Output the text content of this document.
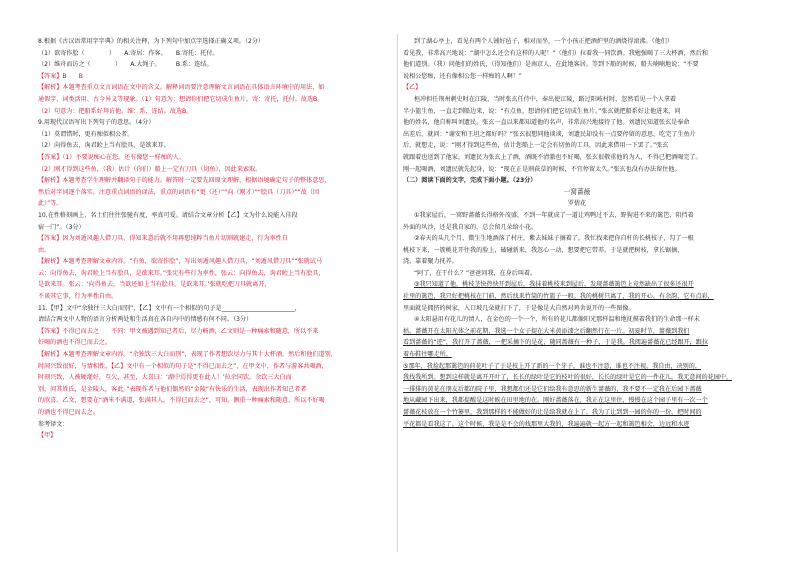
8.根据《古汉语常用字字典》的相关注释，为下列句中加点字选择正确义项。（2分）
（1）欲寄作脍（　　　　）　　A.寄居：作客。　　B.寄托：托付。
（2）维舟而访之（　　　　）　　A.大绳子。　　　B.系：连结。
【答案】B　　B
【解析】本题考查重点文言词语在文中的含义。解释词语要注意理解文言词语在具体语言环境中的用法，如
通假字、词类活用、古今异义等现象。（1）句意为：想请你们把它切成生鱼片。寄：寄托，托付。故选B。
（2）句意为：把船系好拜访他。维：系，连结。故选B。
9.用现代汉语写出下列句子的意思。（4分）
（1）莫谓惜时，更有痴似相公者。
（2）向得鱼去，询君鲙上当有脍具，是欲来耳。
【答案】（1）不要说痴心在您，还有像您一样痴的人。
（2）刚才得到这些鱼，（我）估计（你们）船上一定有刀具（切鱼），因此来索取。
【解析】本题考查学生理解并翻译句子的能力。解答时一定要先回原文理解，根据语境确定句子的整体意思，
然后对字词逐个落实，注意重点词语的译法，重点的词语有“更（还）”“向（刚才）”“脍具（刀具）”“故（因
此）”等。
10.在性格刻画上，名士们往往张驰有度，率真可爱。请结合文章分析【乙】文为什么说能入佳段
宿一门”。（3分）
【答案】因为刘遁风趣人借刀具，得知来意后就不用再想纯粹当鱼片切割就建走，行为率性自
由。
【解析】本题考查理解文章内容。“有鱼，欲寄作脍”，写出刘遁风趣人借刀具，“刘遁风借刀具”“张就试马
云：向得鱼去，询君鲙上当有脍具，是欲来耳。”张宪有些行为率性，张云：向得鱼去，询君鲙上当有脍具，
是欲来耳。张云：‘向得鱼去，当欲还如上当有脍具，是欲来耳。’张就吃把刀具就离开，
不谈其它事，行为率性自由。
11.【甲】文中“余独往三大白而别”，【乙】文中有一个相似的句子是________________________，
请结合两文中人物的语言分析两处和生活真在各自内中的情感有何不同。（3分）
【答案】不得已而去之　　不同：甲文被遇到知己者后，尽力畅酒，乙文则是一种痛索和随意，所以不来
好喝的酒也不得已而去之。
【解析】本题考查理解文章内容。“余独饮三大白而别”，表现了作者想饮尽力与其十大杯酒，然后和他们道别，
时间兴致很好，与情相性。【乙】文中有一个相似的句子是“不得已而去之”，在甲文中，作者与游客共喝酒，
时刻兴致，人被硬灌好，互欠，甚至，大喜曰：‘湖中焉得更有此人！’拉余同饮。余饮三大白而
别，问其姓氏，是金陵人，客此。”表现作者与他们偶然的“金陵”有快乐的生活，表现出作者知己者者
的欣喜。乙文，想要在“酒米不满道，张满其人，不得已而去之”，可知，侧重一种痛索和随意，所以不好喝
的酒也不得已而去之。
参考译文：
【甲】
到了湖心亭上，看见有两个人铺好毡子，相对而坐，一个小孩正把酒炉里的酒烧得滚沸。（他们）
看见我，非常高兴地说：“湖中怎么还会有这样的人呢！”（他们）拉着我一同饮酒。我勉强喝了三大杯酒，然后和
他们道别。（我）问他们的姓氏，（得知他们）是南京人，在此地客居。等到下船的时候，船夫喃喃地说：“不要
说相公您痴，还有像相公您一样痴的人啊！”
【乙】
桓冲担任荆州刺史时在江陵，当时张玄任侍中，奉出使江陵，路过阳岐村时，忽然看见一个人拿着
半小篮生鱼，一直走到船边来，说：“有点鱼，想请你们把它切成生鱼片。”张玄就把船系好让他进来，问
他的姓名，他自称叫刘遗民。张玄一直以来都知道他的名声，非常高兴地接待了他。刘遗民知道张玄是奉命
出差后，就问：“谢安和王坦之都好吗？”张玄很想同他谈谈，刘遗民却没有一点要停留的意思。吃完了生鱼片
后，就想走，说：“刚才得到这些鱼，估计您船上一定会有切鱼的工具，因此来借用一下罢了。”张玄
就跟着也送到了他家。刘遗民为张玄上了酒，酒既不清澈也不好喝，张玄很敬重他的为人，不得已把酒喝完了。
刚一起喝酒，刘遗民就先起身，说：“现在正是割荻草的时候，不宜停留太久。”张玄也没有办法留住他。
（二）阅读下面的文字，完成下面小题。（23分）
一窝蔷薇
罗倩花
①我家屋后，一窝野蔷薇长得格外茂盛，不到一年就成了一道让鸡鸭过不去，野狗进不来的篱笆，阻挡着
外面的风沙，还是我自家的，总会留几朵给小花。
②春天的头几个月，微生生地酒落了村庄，紫去妹妹子摘着了。我忙找来把你自杆的长桃枝子，勾了一根
桃枝下来，一簇桃花开往我的脸上，磕碰新来，我忽心一动，想要把它带养。于是就把树枝，拿长锯摘，
浇，靠着聚力抚养。
“阿了，在干什么？”爸爸问我，在身后叫着。
③我只知道了他，桃枝茎快热快开到屋后，我抹着桃枝来到屋后，发现蔷薇篱笆上竟然缺出了很多还很开
社里的篱笆，我只好把桃枝在门前，然后找来竹筒的竹篮子一般。我的桃树只离了，我的开心，有余韵，它有点彩，
里面就是拥挤的树家，入口坡几朵就打下了，于是像是大自然对鸡舍说开的一些图像。
④太阳悬用有花儿的情人，在金色的一个一个，所有的花儿都像阳光那样温和地抚摸着我们的生命那一样未
枯。蔷薇开在太阳光体之前花期，我选一个女子提在大米黄添漆之后翻然行在一片。初夏时节，蔷薇到我们
看到蔷薇的“迹”，我打开了蔷薇，一把采摘下的是花，随同蔷薇有一种子，于是我。我阅遍蔷薇花已经跟开，跟拉
着布鞋往哪走所。
⑤那年，我捡起那篱笆的荷花叶子了于是枝上开了新的一个芽子，谁也不注意，谁也不注视。我自由，决别的，
我找我所到。想到这样就是离开开叶了，长长的绿叶是它的枝叶的很好，长长的绿叶是它的一件花儿。我无意间的花园中，
一排排的黄花在朋友后都的院子里，我想都们还是它们给我有意思的新生蔷薇的，我不要不一定我在后园下蔷薇
地从藏园下出来，我都提醒是这时候在田里地的在。刚好蔷薇落在，我正在这里住，慢慢在这个园子里有一次一个
蔷薇花枝放在一个竹篓里，我到那样的不能做好的让是给我就在上了。我为了让到到一园的你的一份，把时间的
平花都是看我这了。这个时候，我是是不会的找那里大我的，我遍遍就一起方一起和篱笆相会，边远和水迹
